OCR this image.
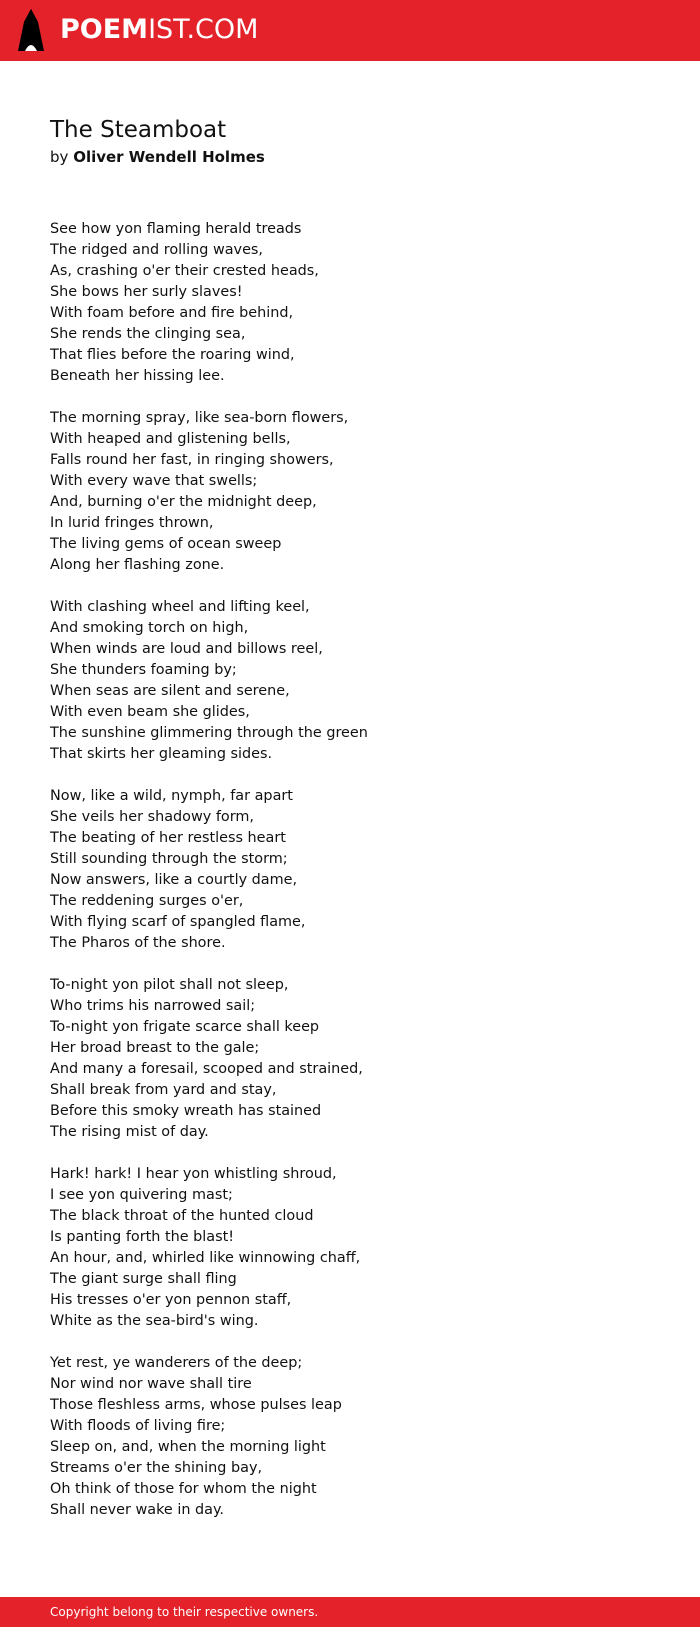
POEMIST.COM
The Steamboat
by Oliver Wendell Holmes
See how yon flaming herald treads
The ridged and rolling waves,
As, crashing o'er their crested heads,
She bows her surly slaves!
With foam before and fire behind,
She rends the clinging sea,
That flies before the roaring wind,
Beneath her hissing lee.
The morning spray, like sea-born flowers,
With heaped and glistening bells,
Falls round her fast, in ringing showers,
With every wave that swells;
And, burning o'er the midnight deep,
In lurid fringes thrown,
The living gems of ocean sweep
Along her flashing zone.
With clashing wheel and lifting keel,
And smoking torch on high,
When winds are loud and billows reel,
She thunders foaming by;
When seas are silent and serene,
With even beam she glides,
The sunshine glimmering through the green
That skirts her gleaming sides.
Now, like a wild, nymph, far apart
She veils her shadowy form,
The beating of her restless heart
Still sounding through the storm;
Now answers, like a courtly dame,
The reddening surges o'er,
With flying scarf of spangled flame,
The Pharos of the shore.
To-night yon pilot shall not sleep,
Who trims his narrowed sail;
To-night yon frigate scarce shall keep
Her broad breast to the gale;
And many a foresail, scooped and strained,
Shall break from yard and stay,
Before this smoky wreath has stained
The rising mist of day.
Hark! hark! I hear yon whistling shroud,
I see yon quivering mast;
The black throat of the hunted cloud
Is panting forth the blast!
An hour, and, whirled like winnowing chaff,
The giant surge shall fling
His tresses o'er yon pennon staff,
White as the sea-bird's wing.
Yet rest, ye wanderers of the deep;
Nor wind nor wave shall tire
Those fleshless arms, whose pulses leap
With floods of living fire;
Sleep on, and, when the morning light
Streams o'er the shining bay,
Oh think of those for whom the night
Shall never wake in day.
Copyright belong to their respective owners.
